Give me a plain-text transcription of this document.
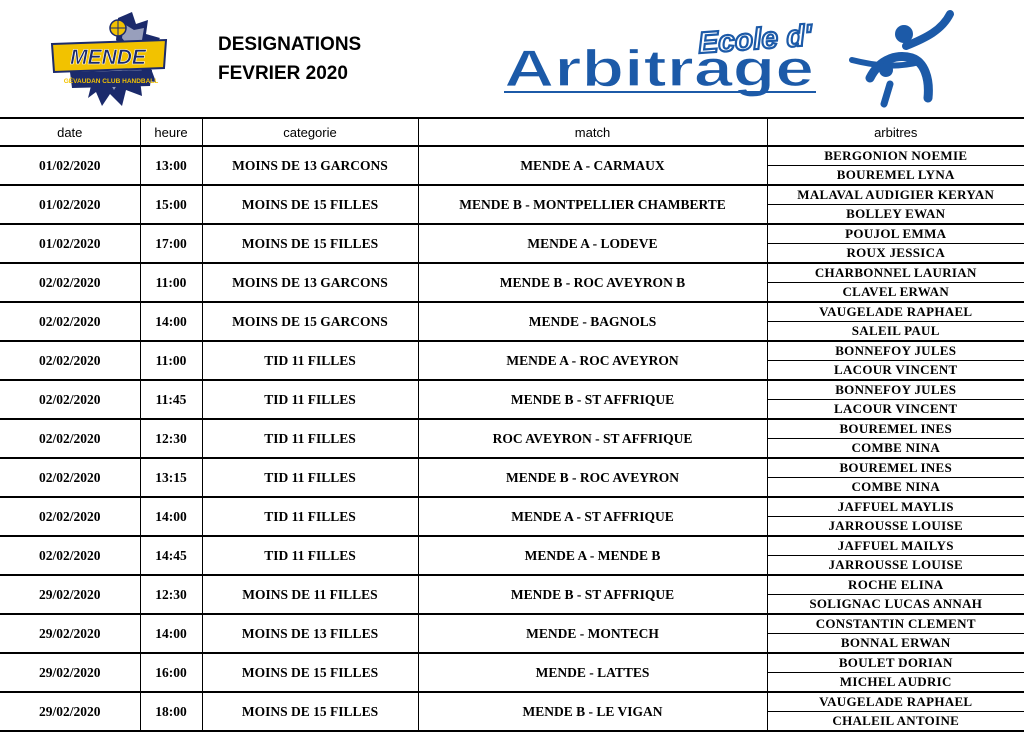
MENDE
GÉVAUDAN CLUB HANDBALL
DESIGNATIONS
FEVRIER 2020
Ecole d'
Arbitrage
date	heure	categorie	match	arbitres
01/02/2020	13:00	MOINS DE 13 GARCONS	MENDE A - CARMAUX	BERGONION NOEMIE
				BOUREMEL LYNA
01/02/2020	15:00	MOINS DE 15 FILLES	MENDE B - MONTPELLIER CHAMBERTE	MALAVAL AUDIGIER KERYAN
				BOLLEY EWAN
01/02/2020	17:00	MOINS DE 15 FILLES	MENDE A - LODEVE	POUJOL EMMA
				ROUX JESSICA
02/02/2020	11:00	MOINS DE 13 GARCONS	MENDE B - ROC AVEYRON B	CHARBONNEL LAURIAN
				CLAVEL ERWAN
02/02/2020	14:00	MOINS DE 15 GARCONS	MENDE - BAGNOLS	VAUGELADE RAPHAEL
				SALEIL PAUL
02/02/2020	11:00	TID 11 FILLES	MENDE A - ROC AVEYRON	BONNEFOY JULES
				LACOUR VINCENT
02/02/2020	11:45	TID 11 FILLES	MENDE B - ST AFFRIQUE	BONNEFOY JULES
				LACOUR VINCENT
02/02/2020	12:30	TID 11 FILLES	ROC AVEYRON - ST AFFRIQUE	BOUREMEL INES
				COMBE NINA
02/02/2020	13:15	TID 11 FILLES	MENDE B - ROC AVEYRON	BOUREMEL INES
				COMBE NINA
02/02/2020	14:00	TID 11 FILLES	MENDE A - ST AFFRIQUE	JAFFUEL MAYLIS
				JARROUSSE LOUISE
02/02/2020	14:45	TID 11 FILLES	MENDE A - MENDE B	JAFFUEL MAILYS
				JARROUSSE LOUISE
29/02/2020	12:30	MOINS DE 11 FILLES	MENDE B - ST AFFRIQUE	ROCHE ELINA
				SOLIGNAC LUCAS ANNAH
29/02/2020	14:00	MOINS DE 13 FILLES	MENDE - MONTECH	CONSTANTIN CLEMENT
				BONNAL ERWAN
29/02/2020	16:00	MOINS DE 15 FILLES	MENDE - LATTES	BOULET DORIAN
				MICHEL AUDRIC
29/02/2020	18:00	MOINS DE 15 FILLES	MENDE B - LE VIGAN	VAUGELADE RAPHAEL
				CHALEIL ANTOINE
